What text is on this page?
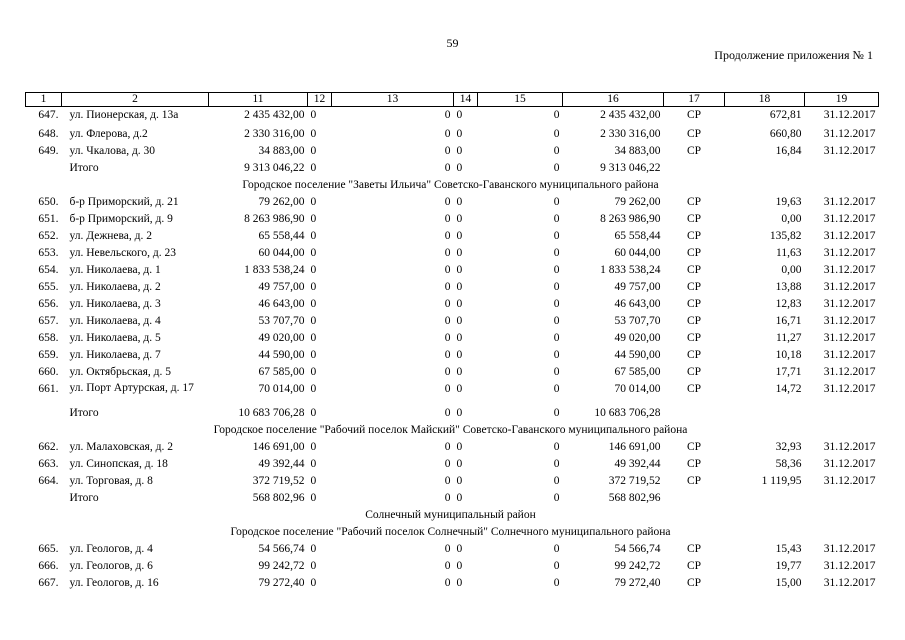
59
Продолжение приложения № 1
1	2	11	12	13	14	15	16	17	18	19
647.	ул. Пионерская, д. 13а	2 435 432,00	0	0	0	0	2 435 432,00	СР	672,81	31.12.2017
648.	ул. Флерова, д.2	2 330 316,00	0	0	0	0	2 330 316,00	СР	660,80	31.12.2017
649.	ул. Чкалова, д. 30	34 883,00	0	0	0	0	34 883,00	СР	16,84	31.12.2017
	Итого	9 313 046,22	0	0	0	0	9 313 046,22			
Городское поселение "Заветы Ильича" Советско-Гаванского муниципального района										
650.	б-р Приморский, д. 21	79 262,00	0	0	0	0	79 262,00	СР	19,63	31.12.2017
651.	б-р Приморский, д. 9	8 263 986,90	0	0	0	0	8 263 986,90	СР	0,00	31.12.2017
652.	ул. Дежнева, д. 2	65 558,44	0	0	0	0	65 558,44	СР	135,82	31.12.2017
653.	ул. Невельского, д. 23	60 044,00	0	0	0	0	60 044,00	СР	11,63	31.12.2017
654.	ул. Николаева, д. 1	1 833 538,24	0	0	0	0	1 833 538,24	СР	0,00	31.12.2017
655.	ул. Николаева, д. 2	49 757,00	0	0	0	0	49 757,00	СР	13,88	31.12.2017
656.	ул. Николаева, д. 3	46 643,00	0	0	0	0	46 643,00	СР	12,83	31.12.2017
657.	ул. Николаева, д. 4	53 707,70	0	0	0	0	53 707,70	СР	16,71	31.12.2017
658.	ул. Николаева, д. 5	49 020,00	0	0	0	0	49 020,00	СР	11,27	31.12.2017
659.	ул. Николаева, д. 7	44 590,00	0	0	0	0	44 590,00	СР	10,18	31.12.2017
660.	ул. Октябрьская, д. 5	67 585,00	0	0	0	0	67 585,00	СР	17,71	31.12.2017
661.	ул. Порт Артурская, д. 17	70 014,00	0	0	0	0	70 014,00	СР	14,72	31.12.2017
	Итого	10 683 706,28	0	0	0	0	10 683 706,28			
Городское поселение "Рабочий поселок Майский" Советско-Гаванского муниципального района										
662.	ул. Малаховская, д. 2	146 691,00	0	0	0	0	146 691,00	СР	32,93	31.12.2017
663.	ул. Синопская, д. 18	49 392,44	0	0	0	0	49 392,44	СР	58,36	31.12.2017
664.	ул. Торговая, д. 8	372 719,52	0	0	0	0	372 719,52	СР	1 119,95	31.12.2017
	Итого	568 802,96	0	0	0	0	568 802,96			
Солнечный муниципальный район										
Городское поселение "Рабочий поселок Солнечный" Солнечного муниципального района										
665.	ул. Геологов, д. 4	54 566,74	0	0	0	0	54 566,74	СР	15,43	31.12.2017
666.	ул. Геологов, д. 6	99 242,72	0	0	0	0	99 242,72	СР	19,77	31.12.2017
667.	ул. Геологов, д. 16	79 272,40	0	0	0	0	79 272,40	СР	15,00	31.12.2017
